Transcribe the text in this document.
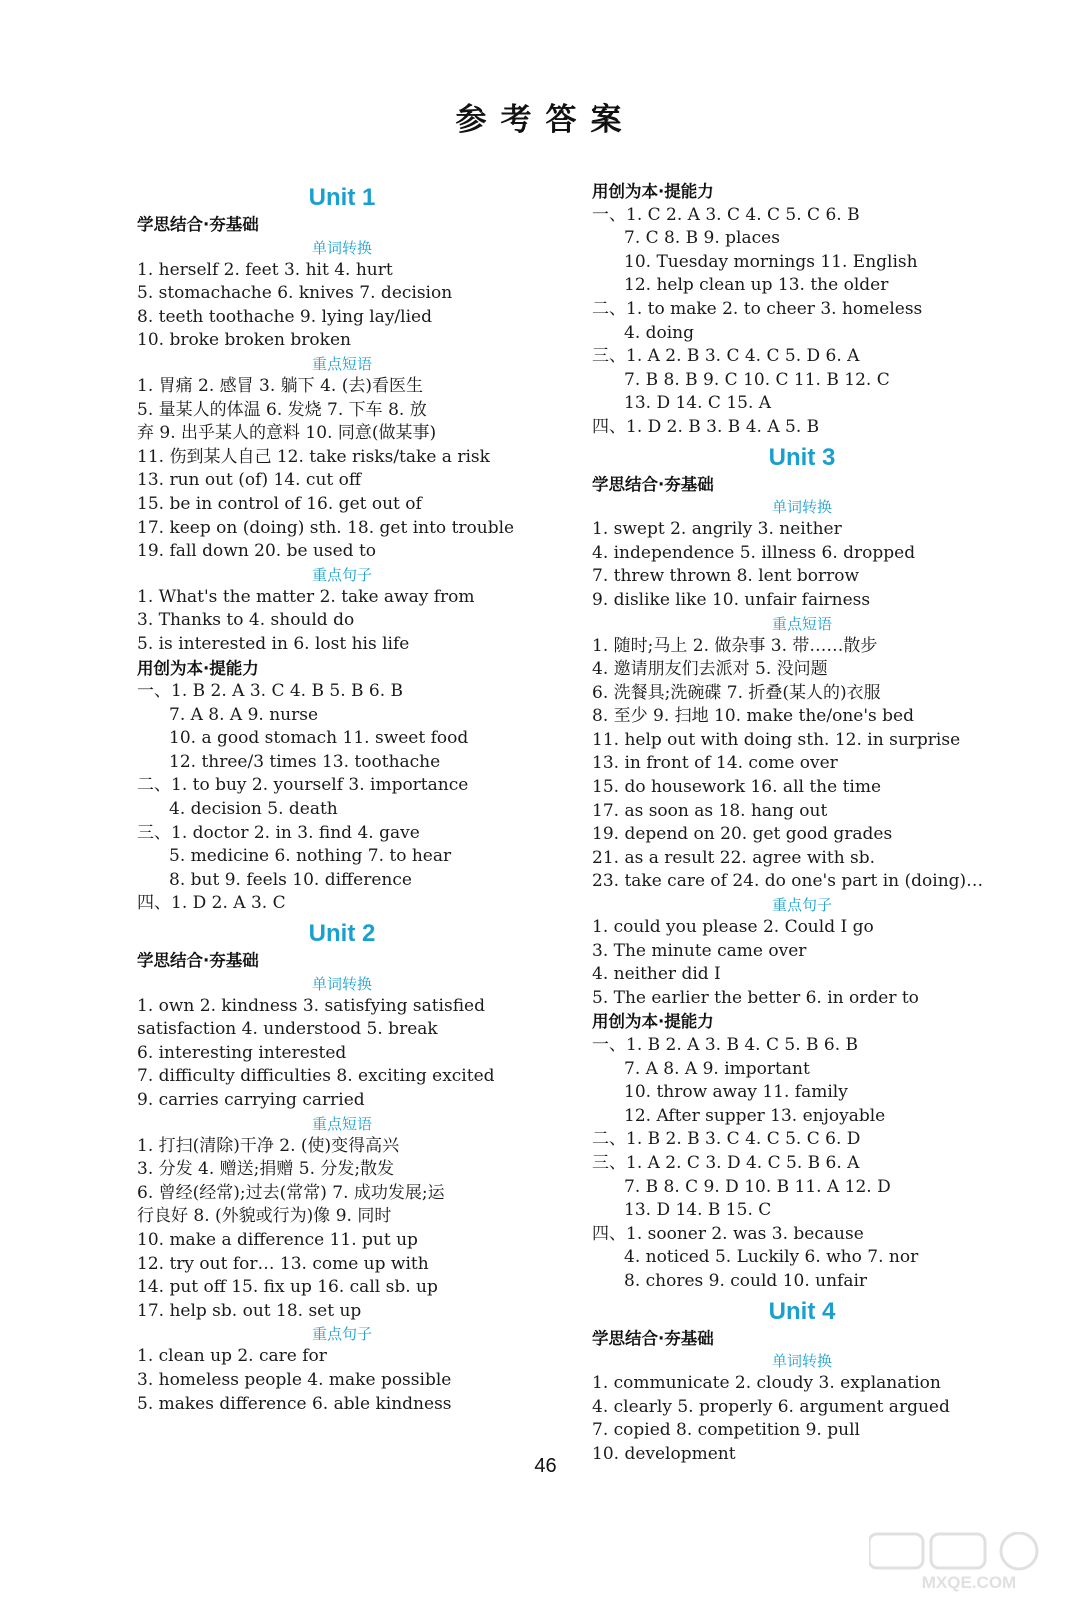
参考答案
Unit 1
学思结合·夯基础
单词转换
1. herself 2. feet 3. hit 4. hurt
5. stomachache 6. knives 7. decision
8. teeth toothache 9. lying lay/lied
10. broke broken broken
重点短语
1. 胃痛 2. 感冒 3. 躺下 4. (去)看医生
5. 量某人的体温 6. 发烧 7. 下车 8. 放
弃 9. 出乎某人的意料 10. 同意(做某事)
11. 伤到某人自己 12. take risks/take a risk
13. run out (of) 14. cut off
15. be in control of 16. get out of
17. keep on (doing) sth. 18. get into trouble
19. fall down 20. be used to
重点句子
1. What's the matter 2. take away from
3. Thanks to 4. should do
5. is interested in 6. lost his life
用创为本·提能力
一、1. B 2. A 3. C 4. B 5. B 6. B
7. A 8. A 9. nurse
10. a good stomach 11. sweet food
12. three/3 times 13. toothache
二、1. to buy 2. yourself 3. importance
4. decision 5. death
三、1. doctor 2. in 3. find 4. gave
5. medicine 6. nothing 7. to hear
8. but 9. feels 10. difference
四、1. D 2. A 3. C
Unit 2
学思结合·夯基础
单词转换
1. own 2. kindness 3. satisfying satisfied
satisfaction 4. understood 5. break
6. interesting interested
7. difficulty difficulties 8. exciting excited
9. carries carrying carried
重点短语
1. 打扫(清除)干净 2. (使)变得高兴
3. 分发 4. 赠送;捐赠 5. 分发;散发
6. 曾经(经常);过去(常常) 7. 成功发展;运
行良好 8. (外貌或行为)像 9. 同时
10. make a difference 11. put up
12. try out for… 13. come up with
14. put off 15. fix up 16. call sb. up
17. help sb. out 18. set up
重点句子
1. clean up 2. care for
3. homeless people 4. make possible
5. makes difference 6. able kindness
用创为本·提能力
一、1. C 2. A 3. C 4. C 5. C 6. B
7. C 8. B 9. places
10. Tuesday mornings 11. English
12. help clean up 13. the older
二、1. to make 2. to cheer 3. homeless
4. doing
三、1. A 2. B 3. C 4. C 5. D 6. A
7. B 8. B 9. C 10. C 11. B 12. C
13. D 14. C 15. A
四、1. D 2. B 3. B 4. A 5. B
Unit 3
学思结合·夯基础
单词转换
1. swept 2. angrily 3. neither
4. independence 5. illness 6. dropped
7. threw thrown 8. lent borrow
9. dislike like 10. unfair fairness
重点短语
1. 随时;马上 2. 做杂事 3. 带……散步
4. 邀请朋友们去派对 5. 没问题
6. 洗餐具;洗碗碟 7. 折叠(某人的)衣服
8. 至少 9. 扫地 10. make the/one's bed
11. help out with doing sth. 12. in surprise
13. in front of 14. come over
15. do housework 16. all the time
17. as soon as 18. hang out
19. depend on 20. get good grades
21. as a result 22. agree with sb.
23. take care of 24. do one's part in (doing)…
重点句子
1. could you please 2. Could I go
3. The minute came over
4. neither did I
5. The earlier the better 6. in order to
用创为本·提能力
一、1. B 2. A 3. B 4. C 5. B 6. B
7. A 8. A 9. important
10. throw away 11. family
12. After supper 13. enjoyable
二、1. B 2. B 3. C 4. C 5. C 6. D
三、1. A 2. C 3. D 4. C 5. B 6. A
7. B 8. C 9. D 10. B 11. A 12. D
13. D 14. B 15. C
四、1. sooner 2. was 3. because
4. noticed 5. Luckily 6. who 7. nor
8. chores 9. could 10. unfair
Unit 4
学思结合·夯基础
单词转换
1. communicate 2. cloudy 3. explanation
4. clearly 5. properly 6. argument argued
7. copied 8. competition 9. pull
10. development
46
MXQE.COM
